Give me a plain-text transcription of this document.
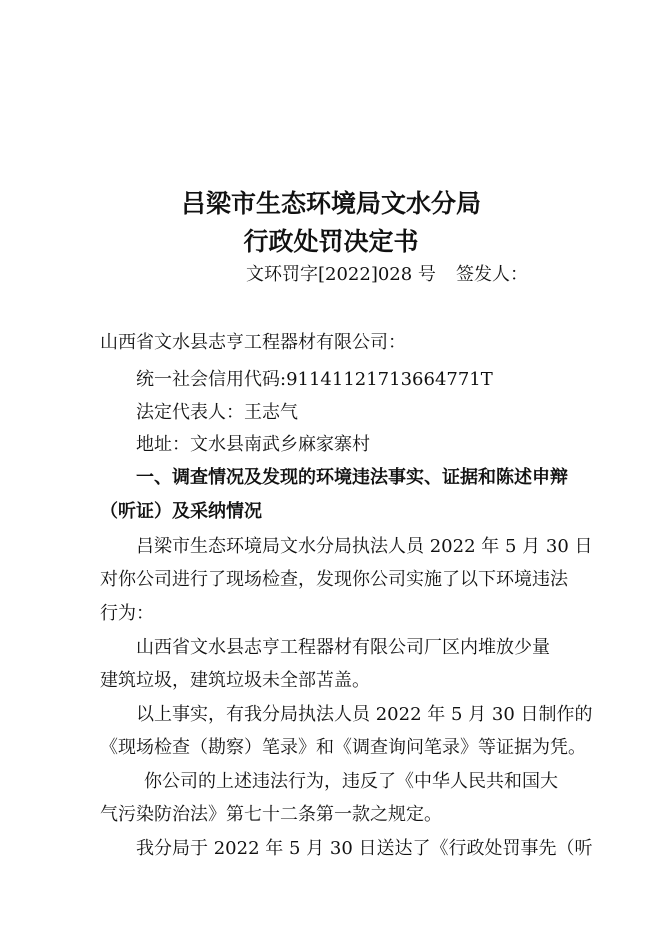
吕梁市生态环境局文水分局
行政处罚决定书
文环罚字[2022]028 号 签发人：
山西省文水县志亨工程器材有限公司：
统一社会信用代码:91141121713664771T
法定代表人：王志气
地址：文水县南武乡麻家寨村
一、调查情况及发现的环境违法事实、证据和陈述申辩
（听证）及采纳情况
吕梁市生态环境局文水分局执法人员 2022 年 5 月 30 日
对你公司进行了现场检查，发现你公司实施了以下环境违法
行为：
山西省文水县志亨工程器材有限公司厂区内堆放少量
建筑垃圾，建筑垃圾未全部苫盖。
以上事实，有我分局执法人员 2022 年 5 月 30 日制作的
《现场检查（勘察）笔录》和《调查询问笔录》等证据为凭。
你公司的上述违法行为，违反了《中华人民共和国大
气污染防治法》第七十二条第一款之规定。
我分局于 2022 年 5 月 30 日送达了《行政处罚事先（听
